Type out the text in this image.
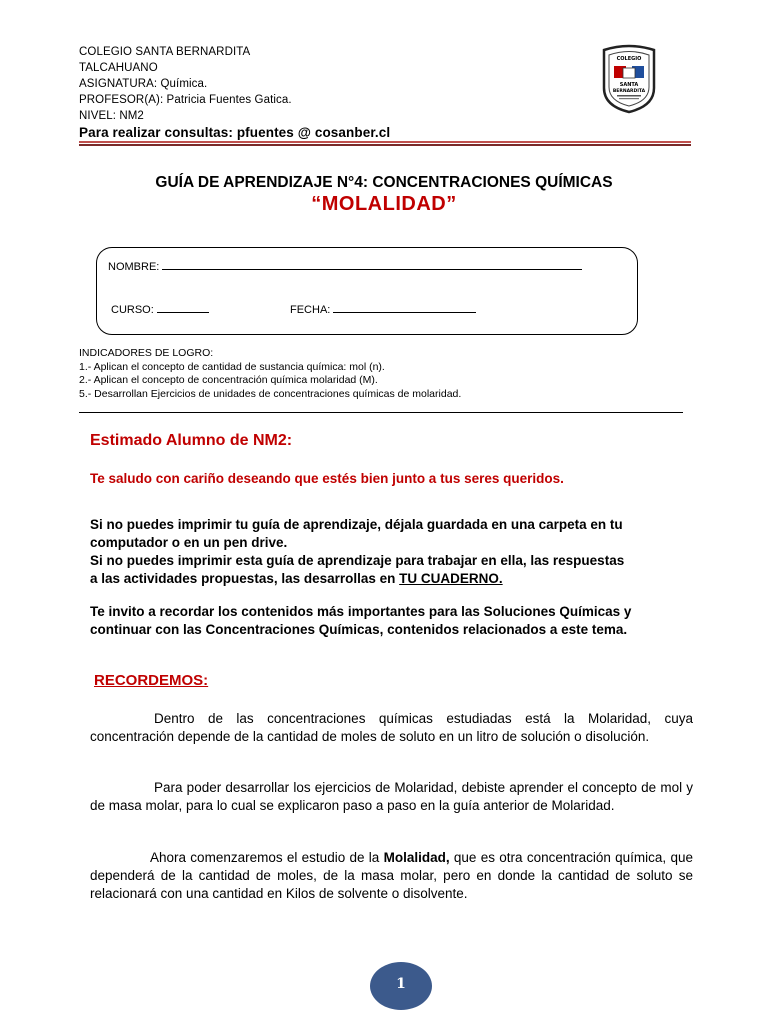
COLEGIO SANTA BERNARDITA
TALCAHUANO
ASIGNATURA: Química.
PROFESOR(A): Patricia Fuentes Gatica.
NIVEL: NM2
Para realizar consultas: pfuentes @ cosanber.cl
COLEGIO
SANTA
BERNARDITA
GUÍA DE APRENDIZAJE N°4: CONCENTRACIONES QUÍMICAS
“MOLALIDAD”
NOMBRE:
CURSO:	FECHA:
INDICADORES DE LOGRO:
1.- Aplican el concepto de cantidad de sustancia química: mol (n).
2.- Aplican el concepto de concentración química molaridad (M).
5.- Desarrollan Ejercicios de unidades de concentraciones químicas de molaridad.
Estimado Alumno de NM2:
Te saludo con cariño deseando que estés bien junto a tus seres queridos.
Si no puedes imprimir tu guía de aprendizaje, déjala guardada en una carpeta en tu
computador o en un pen drive.
Si no puedes imprimir esta guía de aprendizaje para trabajar en ella, las respuestas
a las actividades propuestas, las desarrollas en TU CUADERNO.
Te invito a recordar los contenidos más importantes para las Soluciones Químicas y
continuar con las Concentraciones Químicas, contenidos relacionados a este tema.
RECORDEMOS:
Dentro de las concentraciones químicas estudiadas está la Molaridad, cuya concentración depende de la cantidad de moles de soluto en un litro de solución o disolución.
Para poder desarrollar los ejercicios de Molaridad, debiste aprender el concepto de mol y de masa molar, para lo cual se explicaron paso a paso en la guía anterior de Molaridad.
Ahora comenzaremos el estudio de la Molalidad, que es otra concentración química, que dependerá de la cantidad de moles, de la masa molar, pero en donde la cantidad de soluto se relacionará con una cantidad en Kilos de solvente o disolvente.
1
